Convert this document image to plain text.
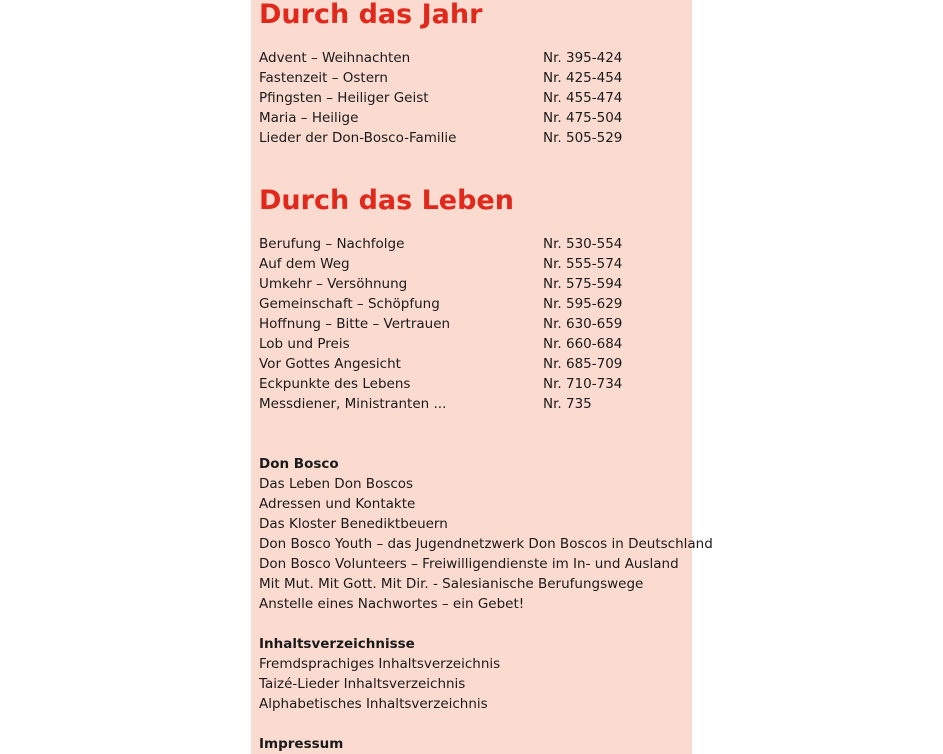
Durch das Jahr
Advent – Weihnachten	Nr. 395-424
Fastenzeit – Ostern	Nr. 425-454
Pfingsten – Heiliger Geist	Nr. 455-474
Maria – Heilige	Nr. 475-504
Lieder der Don-Bosco-Familie	Nr. 505-529
Durch das Leben
Berufung – Nachfolge	Nr. 530-554
Auf dem Weg	Nr. 555-574
Umkehr – Versöhnung	Nr. 575-594
Gemeinschaft – Schöpfung	Nr. 595-629
Hoffnung – Bitte – Vertrauen	Nr. 630-659
Lob und Preis	Nr. 660-684
Vor Gottes Angesicht	Nr. 685-709
Eckpunkte des Lebens	Nr. 710-734
Messdiener, Ministranten ...	Nr. 735
Don Bosco
Das Leben Don Boscos
Adressen und Kontakte
Das Kloster Benediktbeuern
Don Bosco Youth – das Jugendnetzwerk Don Boscos in Deutschland
Don Bosco Volunteers – Freiwilligendienste im In- und Ausland
Mit Mut. Mit Gott. Mit Dir. - Salesianische Berufungswege
Anstelle eines Nachwortes – ein Gebet!
Inhaltsverzeichnisse
Fremdsprachiges Inhaltsverzeichnis
Taizé-Lieder Inhaltsverzeichnis
Alphabetisches Inhaltsverzeichnis
Impressum
